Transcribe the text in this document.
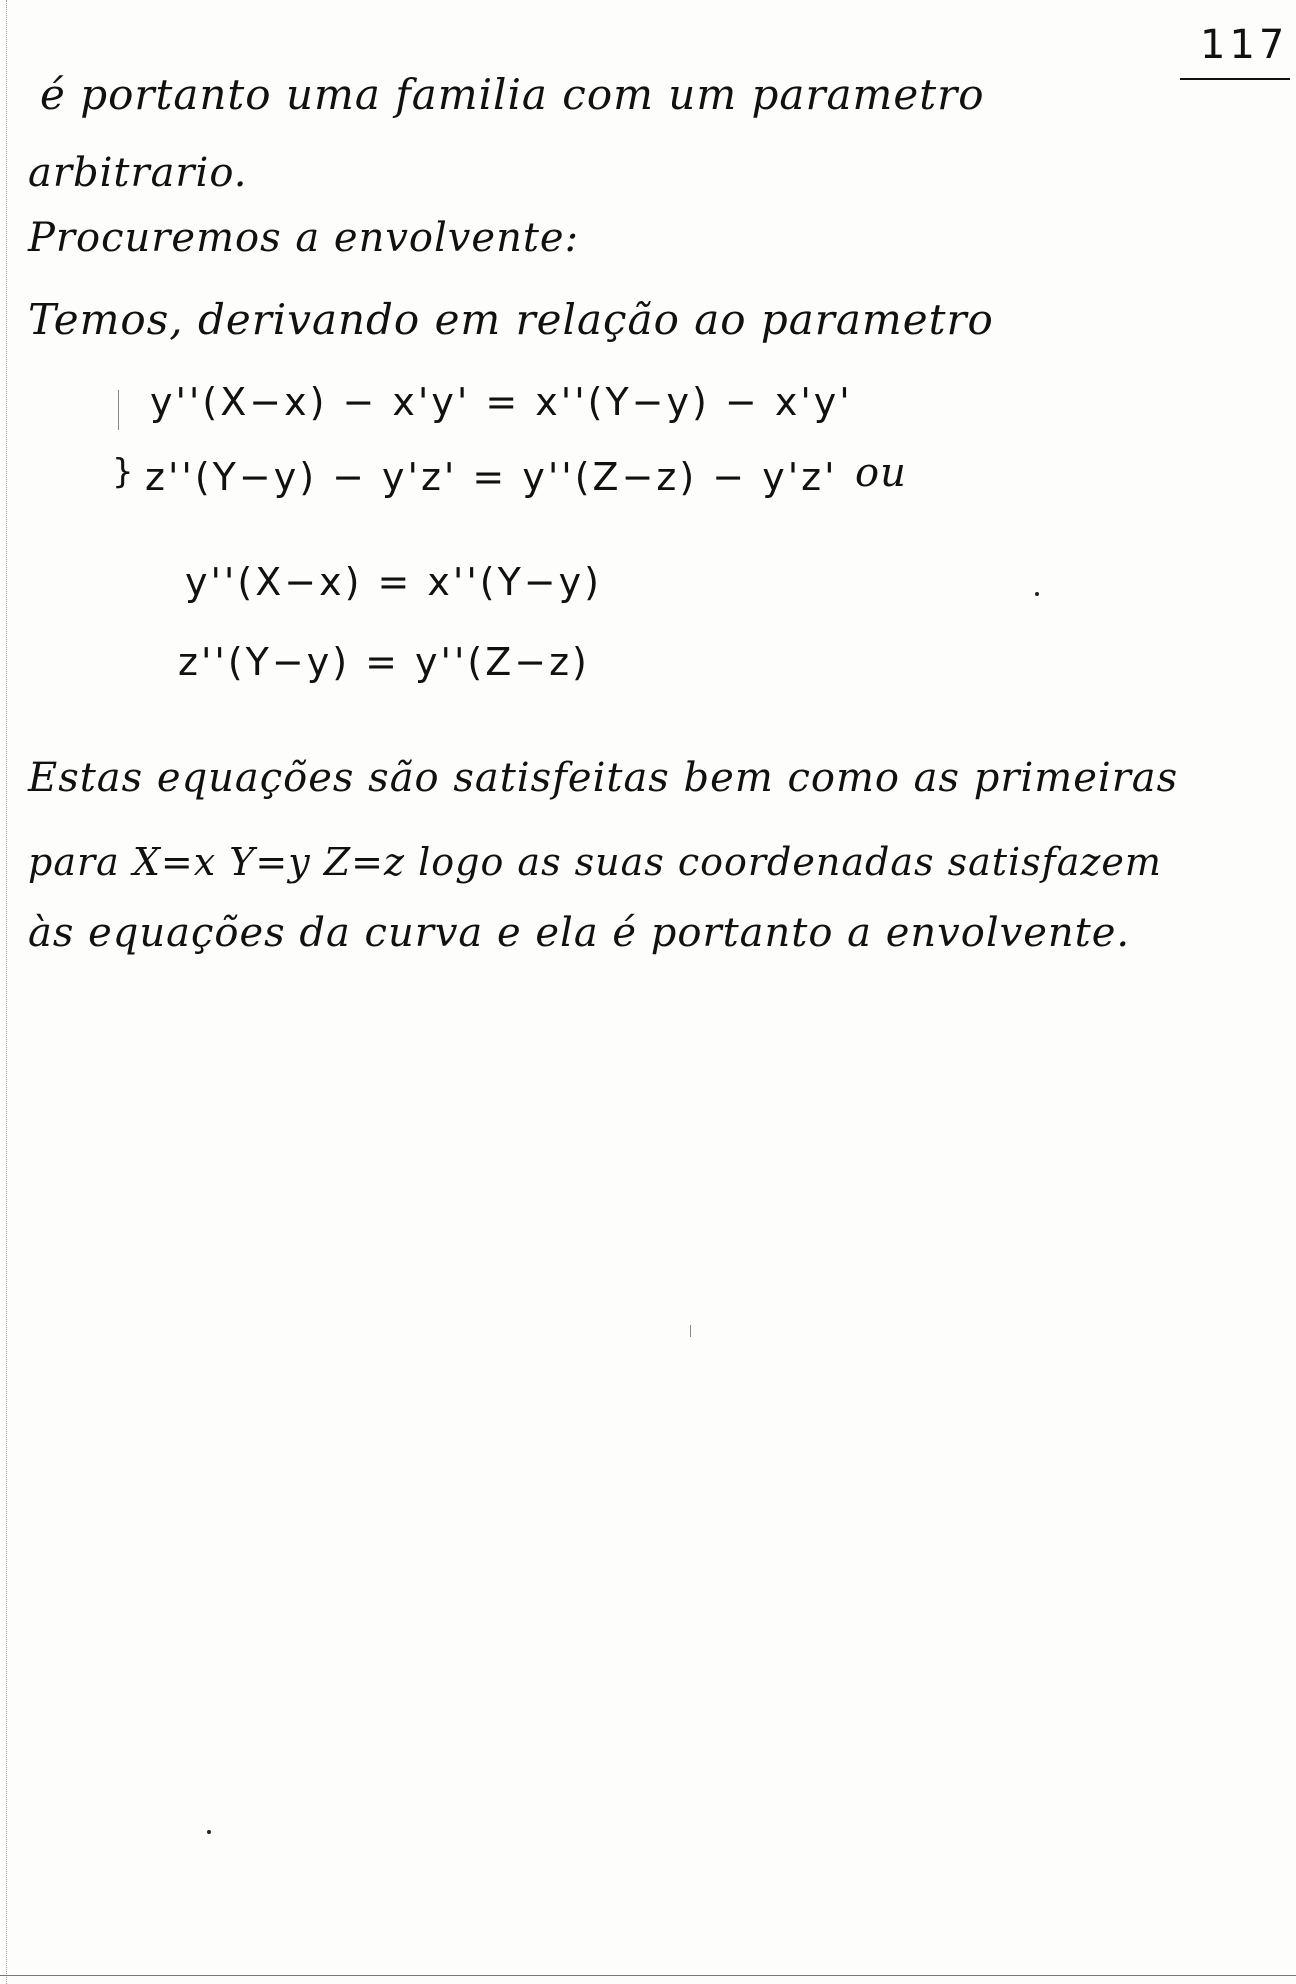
117
é portanto uma familia com um parametro
arbitrario.
Procuremos a envolvente:
Temos, derivando em relação ao parametro
y''(X−x) − x'y' = x''(Y−y) − x'y'
} z''(Y−y) − y'z' = y''(Z−z) − y'z' ou
y''(X−x) = x''(Y−y)
z''(Y−y) = y''(Z−z)
Estas equações são satisfeitas bem como as primeiras
para X=x Y=y Z=z logo as suas coordenadas satisfazem
às equações da curva e ela é portanto a envolvente.
